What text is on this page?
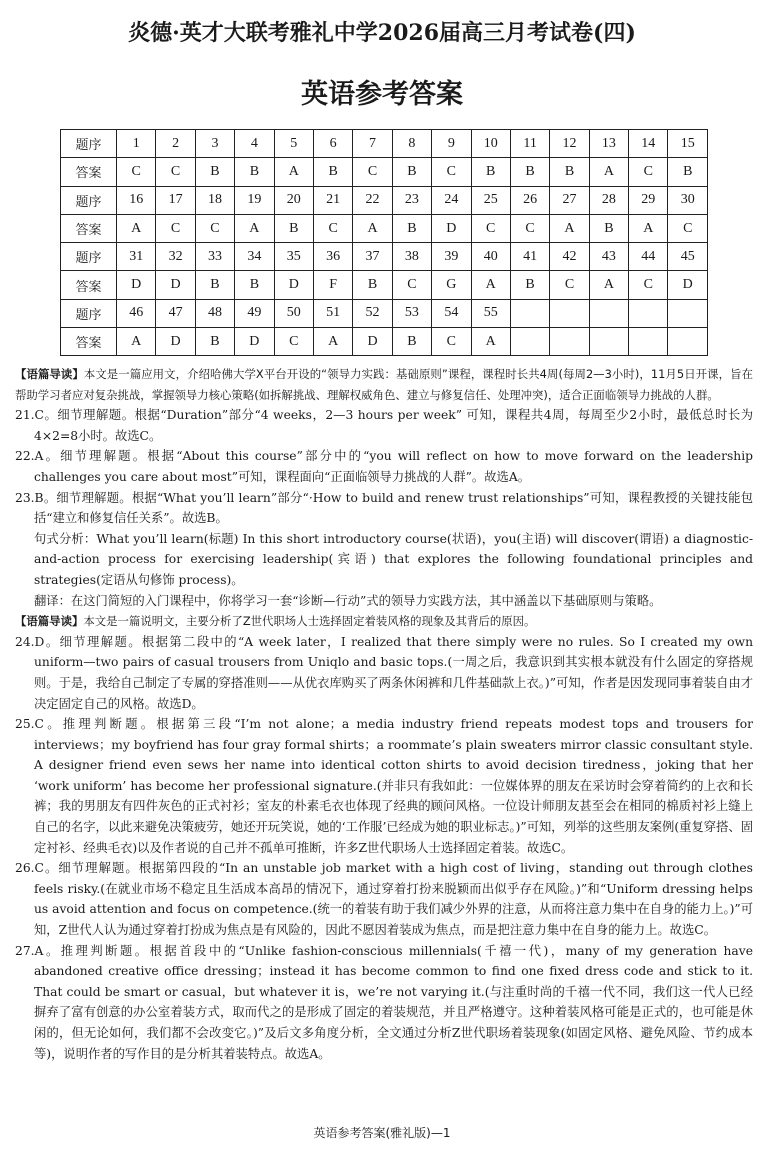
炎德·英才大联考雅礼中学2026届高三月考试卷(四)
英语参考答案
题序	1	2	3	4	5	6	7	8	9	10	11	12	13	14	15
答案	C	C	B	B	A	B	C	B	C	B	B	B	A	C	B
题序	16	17	18	19	20	21	22	23	24	25	26	27	28	29	30
答案	A	C	C	A	B	C	A	B	D	C	C	A	B	A	C
题序	31	32	33	34	35	36	37	38	39	40	41	42	43	44	45
答案	D	D	B	B	D	F	B	C	G	A	B	C	A	C	D
题序	46	47	48	49	50	51	52	53	54	55					
答案	A	D	B	D	C	A	D	B	C	A					

【语篇导读】本文是一篇应用文，介绍哈佛大学X平台开设的“领导力实践：基础原则”课程，课程时长共4周(每周2—3小时)，11月5日开课，旨在帮助学习者应对复杂挑战，掌握领导力核心策略(如拆解挑战、理解权威角色、建立与修复信任、处理冲突)，适合正面临领导力挑战的人群。

21.C。细节理解题。根据“Duration”部分“4 weeks，2—3 hours per week” 可知，课程共4周，每周至少2小时，最低总时长为4×2=8小时。故选C。

22.A。细节理解题。根据“About this course”部分中的“you will reflect on how to move forward on the leadership challenges you care about most”可知，课程面向“正面临领导力挑战的人群”。故选A。

23.B。细节理解题。根据“What you’ll learn”部分“·How to build and renew trust relationships”可知，课程教授的关键技能包括“建立和修复信任关系”。故选B。

句式分析：What you’ll learn(标题) In this short introductory course(状语)，you(主语) will discover(谓语) a diagnostic-and-action process for exercising leadership(宾语) that explores the following foundational principles and strategies(定语从句修饰 process)。

翻译：在这门简短的入门课程中，你将学习一套“诊断—行动”式的领导力实践方法，其中涵盖以下基础原则与策略。

【语篇导读】本文是一篇说明文，主要分析了Z世代职场人士选择固定着装风格的现象及其背后的原因。

24.D。细节理解题。根据第二段中的“A week later，I realized that there simply were no rules. So I created my own uniform—two pairs of casual trousers from Uniqlo and basic tops.(一周之后，我意识到其实根本就没有什么固定的穿搭规则。于是，我给自己制定了专属的穿搭准则——从优衣库购买了两条休闲裤和几件基础款上衣。)”可知，作者是因发现同事着装自由才决定固定自己的风格。故选D。

25.C。推理判断题。根据第三段“I’m not alone；a media industry friend repeats modest tops and trousers for interviews；my boyfriend has four gray formal shirts；a roommate’s plain sweaters mirror classic consultant style. A designer friend even sews her name into identical cotton shirts to avoid decision tiredness，joking that her ‘work uniform’ has become her professional signature.(并非只有我如此：一位媒体界的朋友在采访时会穿着简约的上衣和长裤；我的男朋友有四件灰色的正式衬衫；室友的朴素毛衣也体现了经典的顾问风格。一位设计师朋友甚至会在相同的棉质衬衫上缝上自己的名字，以此来避免决策疲劳，她还开玩笑说，她的‘工作服’已经成为她的职业标志。)”可知，列举的这些朋友案例(重复穿搭、固定衬衫、经典毛衣)以及作者说的自己并不孤单可推断，许多Z世代职场人士选择固定着装。故选C。

26.C。细节理解题。根据第四段的“In an unstable job market with a high cost of living，standing out through clothes feels risky.(在就业市场不稳定且生活成本高昂的情况下，通过穿着打扮来脱颖而出似乎存在风险。)”和“Uniform dressing helps us avoid attention and focus on competence.(统一的着装有助于我们减少外界的注意，从而将注意力集中在自身的能力上。)”可知，Z世代人认为通过穿着打扮成为焦点是有风险的，因此不愿因着装成为焦点，而是把注意力集中在自身的能力上。故选C。

27.A。推理判断题。根据首段中的“Unlike fashion-conscious millennials(千禧一代)，many of my generation have abandoned creative office dressing；instead it has become common to find one fixed dress code and stick to it. That could be smart or casual，but whatever it is，we’re not varying it.(与注重时尚的千禧一代不同，我们这一代人已经摒弃了富有创意的办公室着装方式，取而代之的是形成了固定的着装规范，并且严格遵守。这种着装风格可能是正式的，也可能是休闲的，但无论如何，我们都不会改变它。)”及后文多角度分析，全文通过分析Z世代职场着装现象(如固定风格、避免风险、节约成本等)，说明作者的写作目的是分析其着装特点。故选A。

英语参考答案(雅礼版)—1
